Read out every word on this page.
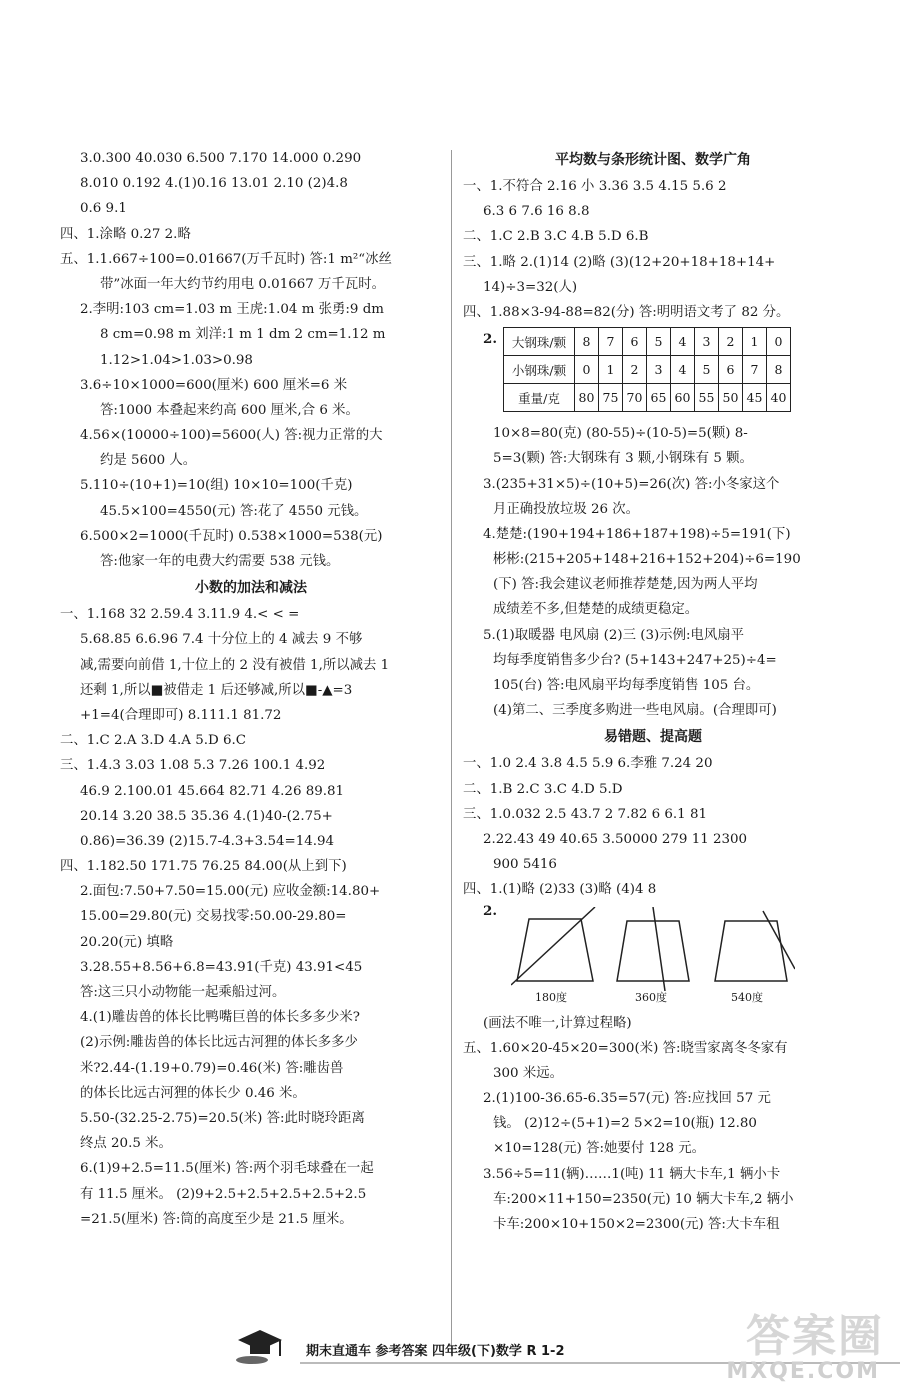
3.0.300 40.030 6.500 7.170 14.000 0.290
8.010 0.192 4.(1)0.16 13.01 2.10 (2)4.8
0.6 9.1
四、1.涂略 0.27 2.略
五、1.1.667÷100=0.01667(万千瓦时) 答:1 m²“冰丝
带”冰面一年大约节约用电 0.01667 万千瓦时。
2.李明:103 cm=1.03 m 王虎:1.04 m 张勇:9 dm
8 cm=0.98 m 刘洋:1 m 1 dm 2 cm=1.12 m
1.12>1.04>1.03>0.98
3.6÷10×1000=600(厘米) 600 厘米=6 米
答:1000 本叠起来约高 600 厘米,合 6 米。
4.56×(10000÷100)=5600(人) 答:视力正常的大
约是 5600 人。
5.110÷(10+1)=10(组) 10×10=100(千克)
45.5×100=4550(元) 答:花了 4550 元钱。
6.500×2=1000(千瓦时) 0.538×1000=538(元)
答:他家一年的电费大约需要 538 元钱。
小数的加法和减法
一、1.168 32 2.59.4 3.11.9 4.< < =
5.68.85 6.6.96 7.4 十分位上的 4 减去 9 不够
减,需要向前借 1,十位上的 2 没有被借 1,所以减去 1
还剩 1,所以■被借走 1 后还够减,所以■-▲=3
+1=4(合理即可) 8.111.1 81.72
二、1.C 2.A 3.D 4.A 5.D 6.C
三、1.4.3 3.03 1.08 5.3 7.26 100.1 4.92
46.9 2.100.01 45.664 82.71 4.26 89.81
20.14 3.20 38.5 35.36 4.(1)40-(2.75+
0.86)=36.39 (2)15.7-4.3+3.54=14.94
四、1.182.50 171.75 76.25 84.00(从上到下)
2.面包:7.50+7.50=15.00(元) 应收金额:14.80+
15.00=29.80(元) 交易找零:50.00-29.80=
20.20(元) 填略
3.28.55+8.56+6.8=43.91(千克) 43.91<45
答:这三只小动物能一起乘船过河。
4.(1)雕齿兽的体长比鸭嘴巨兽的体长多多少米?
(2)示例:雕齿兽的体长比远古河狸的体长多多少
米?2.44-(1.19+0.79)=0.46(米) 答:雕齿兽
的体长比远古河狸的体长少 0.46 米。
5.50-(32.25-2.75)=20.5(米) 答:此时晓玲距离
终点 20.5 米。
6.(1)9+2.5=11.5(厘米) 答:两个羽毛球叠在一起
有 11.5 厘米。 (2)9+2.5+2.5+2.5+2.5+2.5
=21.5(厘米) 答:筒的高度至少是 21.5 厘米。
平均数与条形统计图、数学广角
一、1.不符合 2.16 小 3.36 3.5 4.15 5.6 2
6.3 6 7.6 16 8.8
二、1.C 2.B 3.C 4.B 5.D 6.B
三、1.略 2.(1)14 (2)略 (3)(12+20+18+18+14+
14)÷3=32(人)
四、1.88×3-94-88=82(分) 答:明明语文考了 82 分。
2.	大钢珠/颗	8	7	6	5	4	3	2	1	0
小钢珠/颗	0	1	2	3	4	5	6	7	8
重量/克	80	75	70	65	60	55	50	45	40
10×8=80(克) (80-55)÷(10-5)=5(颗) 8-
5=3(颗) 答:大钢珠有 3 颗,小钢珠有 5 颗。
3.(235+31×5)÷(10+5)=26(次) 答:小冬家这个
月正确投放垃圾 26 次。
4.楚楚:(190+194+186+187+198)÷5=191(下)
彬彬:(215+205+148+216+152+204)÷6=190
(下) 答:我会建议老师推荐楚楚,因为两人平均
成绩差不多,但楚楚的成绩更稳定。
5.(1)取暖器 电风扇 (2)三 (3)示例:电风扇平
均每季度销售多少台? (5+143+247+25)÷4=
105(台) 答:电风扇平均每季度销售 105 台。
(4)第二、三季度多购进一些电风扇。(合理即可)
易错题、提高题
一、1.0 2.4 3.8 4.5 5.9 6.李雅 7.24 20
二、1.B 2.C 3.C 4.D 5.D
三、1.0.032 2.5 43.7 2 7.82 6 6.1 81
2.22.43 49 40.65 3.50000 279 11 2300
900 5416
四、1.(1)略 (2)33 (3)略 (4)4 8
2.
180度	360度	540度
(画法不唯一,计算过程略)
五、1.60×20-45×20=300(米) 答:晓雪家离冬冬家有
300 米远。
2.(1)100-36.65-6.35=57(元) 答:应找回 57 元
钱。 (2)12÷(5+1)=2 5×2=10(瓶) 12.80
×10=128(元) 答:她要付 128 元。
3.56÷5=11(辆)……1(吨) 11 辆大卡车,1 辆小卡
车:200×11+150=2350(元) 10 辆大卡车,2 辆小
卡车:200×10+150×2=2300(元) 答:大卡车租
期末直通车 参考答案 四年级(下)数学 R 1-2	答案圈
MXQE.COM
